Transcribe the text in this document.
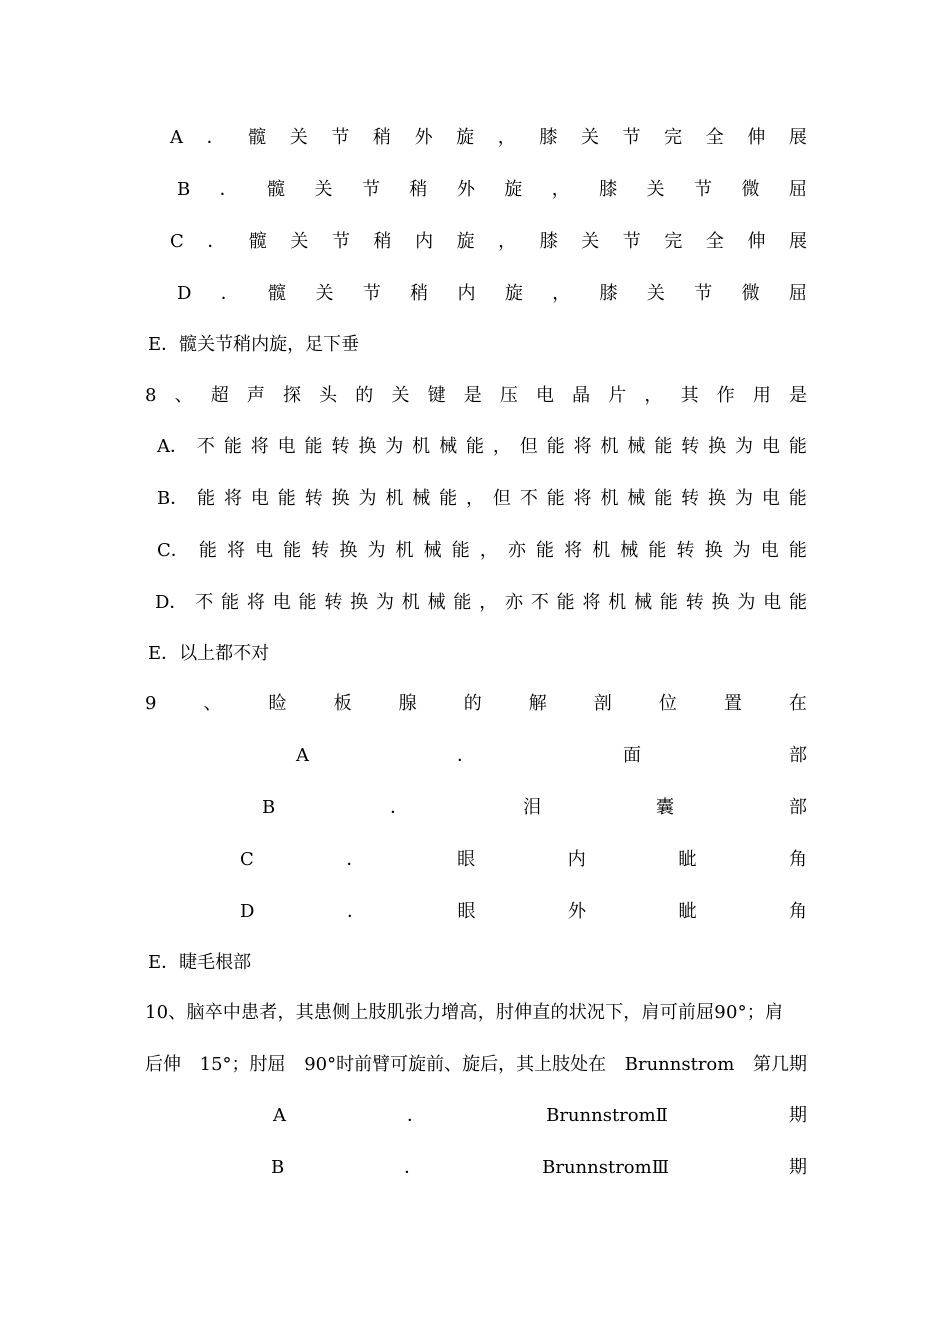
A ． 髋 关 节 稍 外 旋 ， 膝 关 节 完 全 伸 展
B ． 髋 关 节 稍 外 旋 ， 膝 关 节 微 屈
C ． 髋 关 节 稍 内 旋 ， 膝 关 节 完 全 伸 展
D ． 髋 关 节 稍 内 旋 ， 膝 关 节 微 屈
E．髋关节稍内旋，足下垂
8 、 超 声 探 头 的 关 键 是 压 电 晶 片 ， 其 作 用 是
A． 不 能 将 电 能 转 换 为 机 械 能 ， 但 能 将 机 械 能 转 换 为 电 能
B． 能 将 电 能 转 换 为 机 械 能 ， 但 不 能 将 机 械 能 转 换 为 电 能
C． 能 将 电 能 转 换 为 机 械 能 ， 亦 能 将 机 械 能 转 换 为 电 能
D． 不 能 将 电 能 转 换 为 机 械 能 ， 亦 不 能 将 机 械 能 转 换 为 电 能
E．以上都不对
9	、	睑	板	腺	的	解	剖	位	置	在
A	．	面	部
B	．	泪	囊	部
C	．	眼	内	眦	角
D	．	眼	外	眦	角
E．睫毛根部
10、脑卒中患者，其患侧上肢肌张力增高，肘伸直的状况下，肩可前屈90°；肩
后伸 15°；肘屈 90°时前臂可旋前、旋后，其上肢处在 Brunnstrom 第几期
A	．	BrunnstromⅡ	期
B	．	BrunnstromⅢ	期
